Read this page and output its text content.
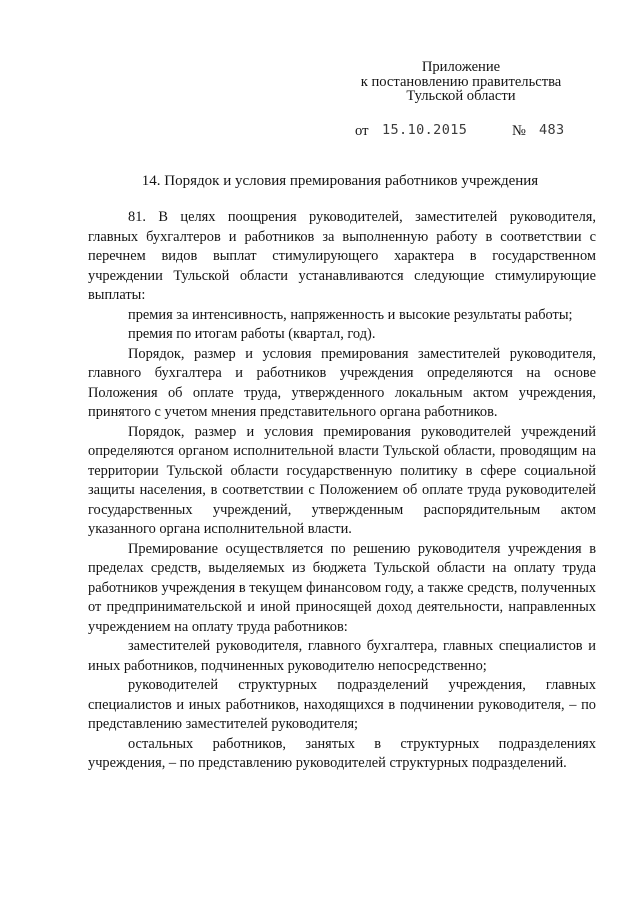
Приложение
к постановлению правительства
Тульской области
от 15.10.2015	№ 483
14. Порядок и условия премирования работников учреждения

81. В целях поощрения руководителей, заместителей руководителя, главных бухгалтеров и работников за выполненную работу в соответствии с перечнем видов выплат стимулирующего характера в государственном учреждении Тульской области устанавливаются следующие стимулирующие выплаты:

премия за интенсивность, напряженность и высокие результаты работы;

премия по итогам работы (квартал, год).

Порядок, размер и условия премирования заместителей руководителя, главного бухгалтера и работников учреждения определяются на основе Положения об оплате труда, утвержденного локальным актом учреждения, принятого с учетом мнения представительного органа работников.

Порядок, размер и условия премирования руководителей учреждений определяются органом исполнительной власти Тульской области, проводящим на территории Тульской области государственную политику в сфере социальной защиты населения, в соответствии с Положением об оплате труда руководителей государственных учреждений, утвержденным распорядительным актом указанного органа исполнительной власти.

Премирование осуществляется по решению руководителя учреждения в пределах средств, выделяемых из бюджета Тульской области на оплату труда работников учреждения в текущем финансовом году, а также средств, полученных от предпринимательской и иной приносящей доход деятельности, направленных учреждением на оплату труда работников:

заместителей руководителя, главного бухгалтера, главных специалистов и иных работников, подчиненных руководителю непосредственно;

руководителей структурных подразделений учреждения, главных специалистов и иных работников, находящихся в подчинении руководителя, – по представлению заместителей руководителя;

остальных работников, занятых в структурных подразделениях учреждения, – по представлению руководителей структурных подразделений.
